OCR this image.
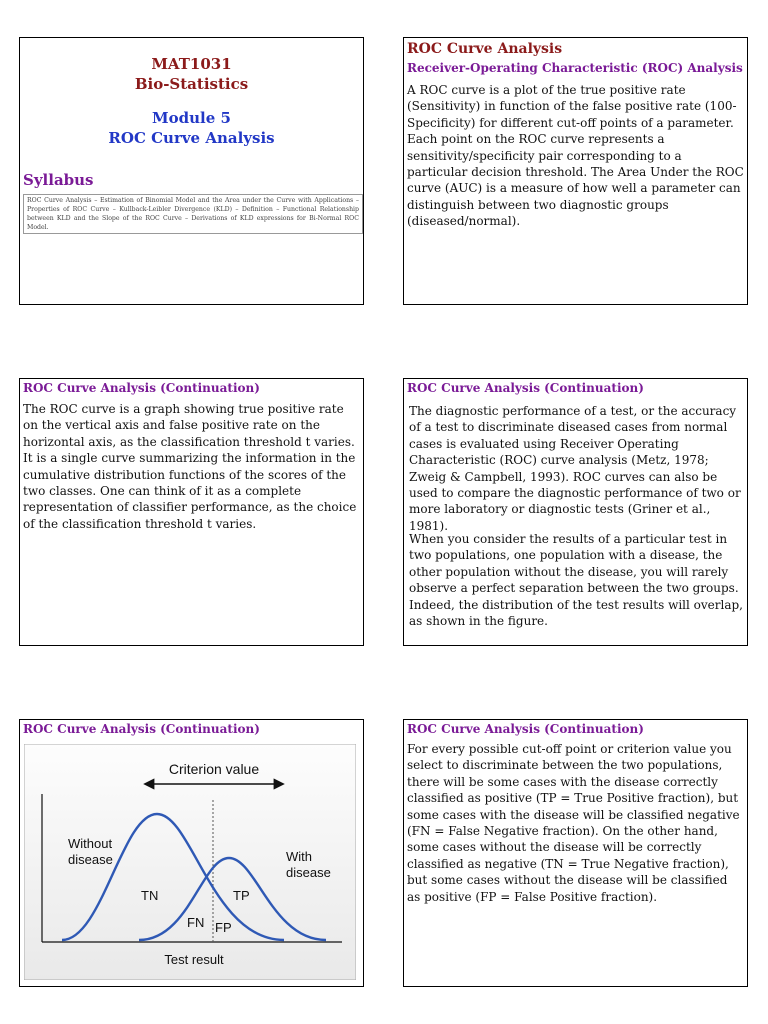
MAT1031
Bio-Statistics
Module 5
ROC Curve Analysis
Syllabus
ROC Curve Analysis – Estimation of Binomial Model and the Area under the Curve with Applications – Properties of ROC Curve – Kullback-Leibler Divergence (KLD) – Definition – Functional Relationship between KLD and the Slope of the ROC Curve – Derivations of KLD expressions for Bi-Normal ROC Model.
ROC Curve Analysis
Receiver-Operating Characteristic (ROC) Analysis
A ROC curve is a plot of the true positive rate (Sensitivity) in function of the false positive rate (100-Specificity) for different cut-off points of a parameter. Each point on the ROC curve represents a sensitivity/specificity pair corresponding to a particular decision threshold. The Area Under the ROC curve (AUC) is a measure of how well a parameter can distinguish between two diagnostic groups (diseased/normal).
ROC Curve Analysis (Continuation)
The ROC curve is a graph showing true positive rate on the vertical axis and false positive rate on the horizontal axis, as the classification threshold t varies. It is a single curve summarizing the information in the cumulative distribution functions of the scores of the two classes. One can think of it as a complete representation of classifier performance, as the choice of the classification threshold t varies.
ROC Curve Analysis (Continuation)
The diagnostic performance of a test, or the accuracy of a test to discriminate diseased cases from normal cases is evaluated using Receiver Operating Characteristic (ROC) curve analysis (Metz, 1978; Zweig & Campbell, 1993). ROC curves can also be used to compare the diagnostic performance of two or more laboratory or diagnostic tests (Griner et al., 1981).
When you consider the results of a particular test in two populations, one population with a disease, the other population without the disease, you will rarely observe a perfect separation between the two groups. Indeed, the distribution of the test results will overlap, as shown in the figure.
ROC Curve Analysis (Continuation)
Criterion value
Without
disease	With
disease
TN	TP
FN FP
Test result
ROC Curve Analysis (Continuation)
For every possible cut-off point or criterion value you select to discriminate between the two populations, there will be some cases with the disease correctly classified as positive (TP = True Positive fraction), but some cases with the disease will be classified negative (FN = False Negative fraction). On the other hand, some cases without the disease will be correctly classified as negative (TN = True Negative fraction), but some cases without the disease will be classified as positive (FP = False Positive fraction).
